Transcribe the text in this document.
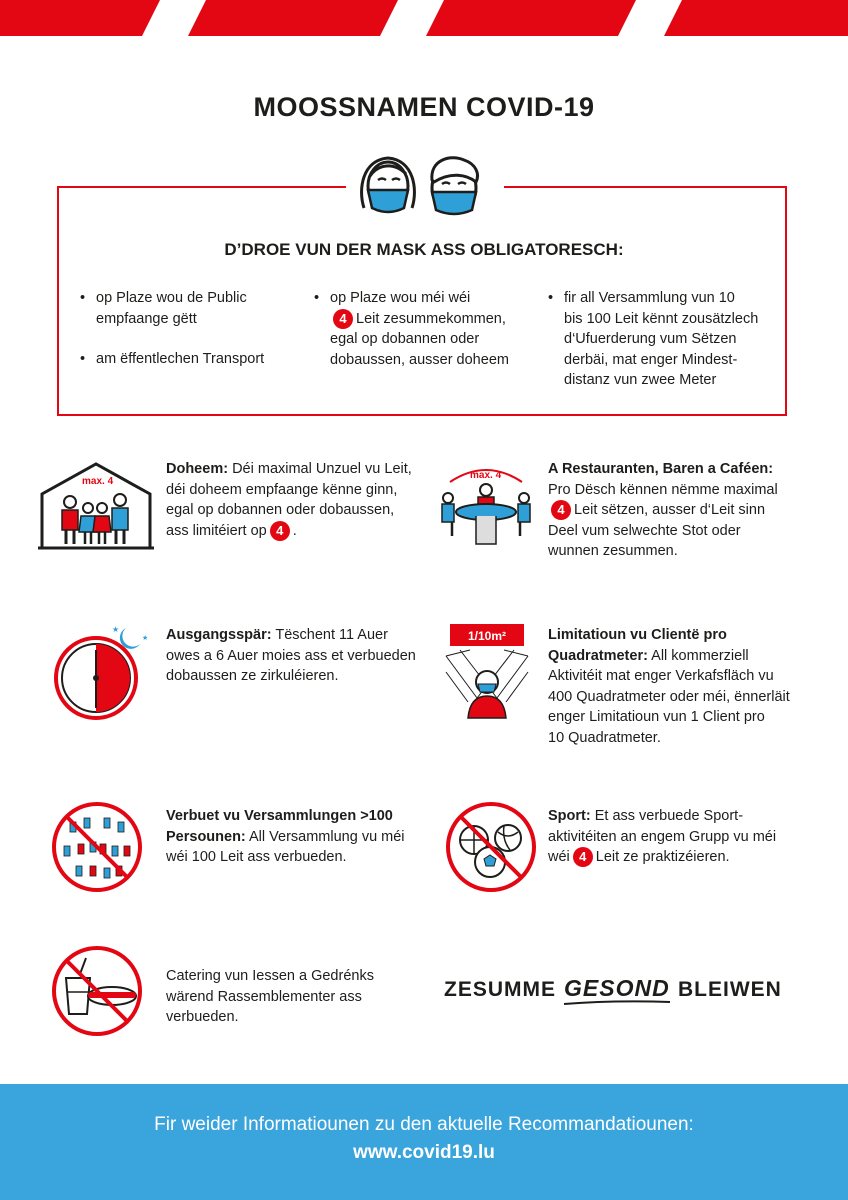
MOOSSNAMEN COVID-19
D’DROE VUN DER MASK ASS OBLIGATORESCH:
• op Plaze wou de Public
empfaange gëtt
• am ëffentlechen Transport
• op Plaze wou méi wéi
4 Leit zesummekommen,
egal op dobannen oder
dobaussen, ausser doheem
• fir all Versammlung vun 10
bis 100 Leit kënnt zousätzlech
d‘Ufuerderung vum Sëtzen
derbäi, mat enger Mindest-
distanz vun zwee Meter
max. 4
Doheem: Déi maximal Unzuel vu Leit,
déi doheem empfaange kënne ginn,
egal op dobannen oder dobaussen,
ass limitéiert op 4 .
max. 4	A Restauranten, Baren a Caféen:
Pro Dësch kënnen nëmme maximal
4 Leit sëtzen, ausser d‘Leit sinn
Deel vum selwechte Stot oder
wunnen zesummen.
★
★ Ausgangsspär: Tëschent 11 Auer
owes a 6 Auer moies ass et verbueden
dobaussen ze zirkuléieren.
1/10m²	Limitatioun vu Clientë pro
Quadratmeter: All kommerziell
Aktivitéit mat enger Verkafsfläch vu
400 Quadratmeter oder méi, ënnerläit
enger Limitatioun vun 1 Client pro
10 Quadratmeter.
Verbuet vu Versammlungen >100
Persounen: All Versammlung vu méi
wéi 100 Leit ass verbueden.
Sport: Et ass verbuede Sport-
aktivitéiten an engem Grupp vu méi
wéi 4 Leit ze praktizéieren.
Catering vun Iessen a Gedrénks
wärend Rassemblementer ass
verbueden.
ZESUMME GESOND BLEIWEN
Fir weider Informatiounen zu den aktuelle Recommandatiounen:
www.covid19.lu
